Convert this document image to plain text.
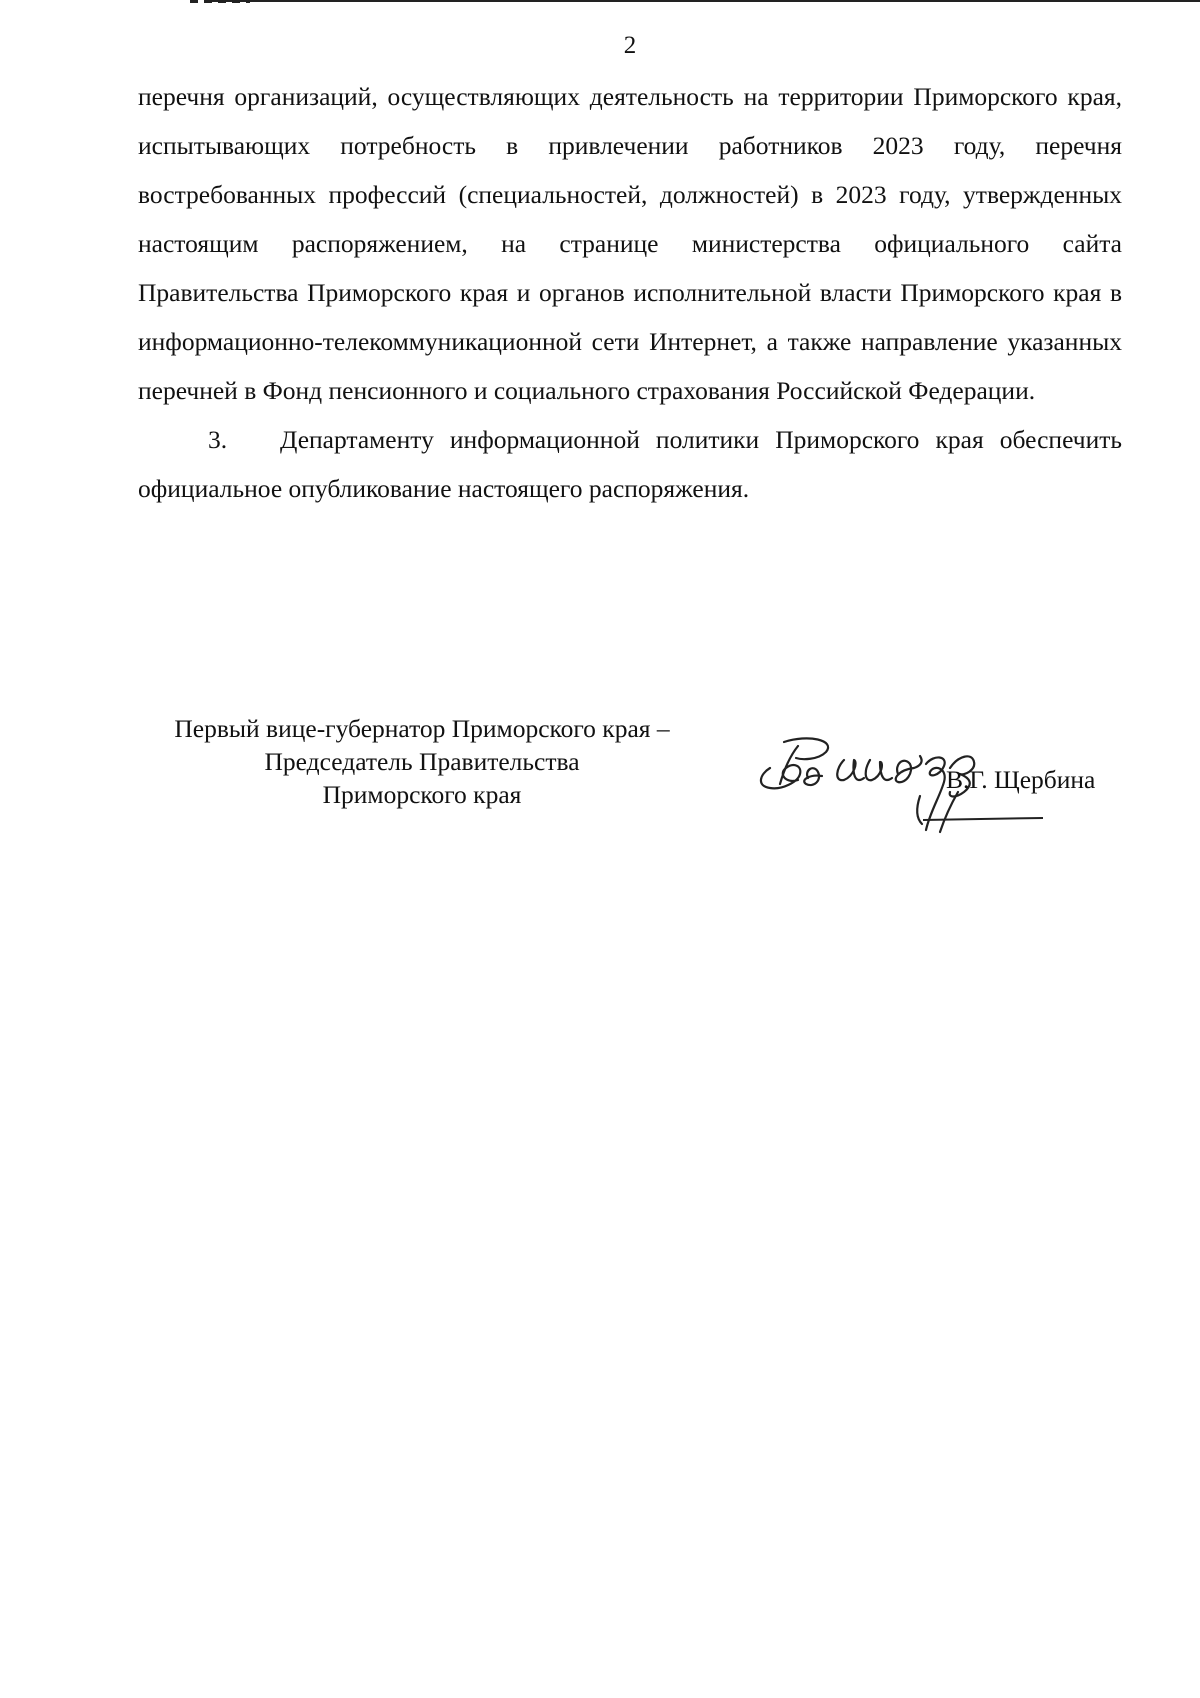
2

перечня организаций, осуществляющих деятельность на территории Приморского края, испытывающих потребность в привлечении работников 2023 году, перечня востребованных профессий (специальностей, должностей) в 2023 году, утвержденных настоящим распоряжением, на странице министерства официального сайта Правительства Приморского края и органов исполнительной власти Приморского края в информационно-телекоммуникационной сети Интернет, а также направление указанных перечней в Фонд пенсионного и социального страхования Российской Федерации.

3. Департаменту информационной политики Приморского края обеспечить официальное опубликование настоящего распоряжения.

Первый вице-губернатор Приморского края –
Председатель Правительства
Приморского края
В.Г. Щербина
